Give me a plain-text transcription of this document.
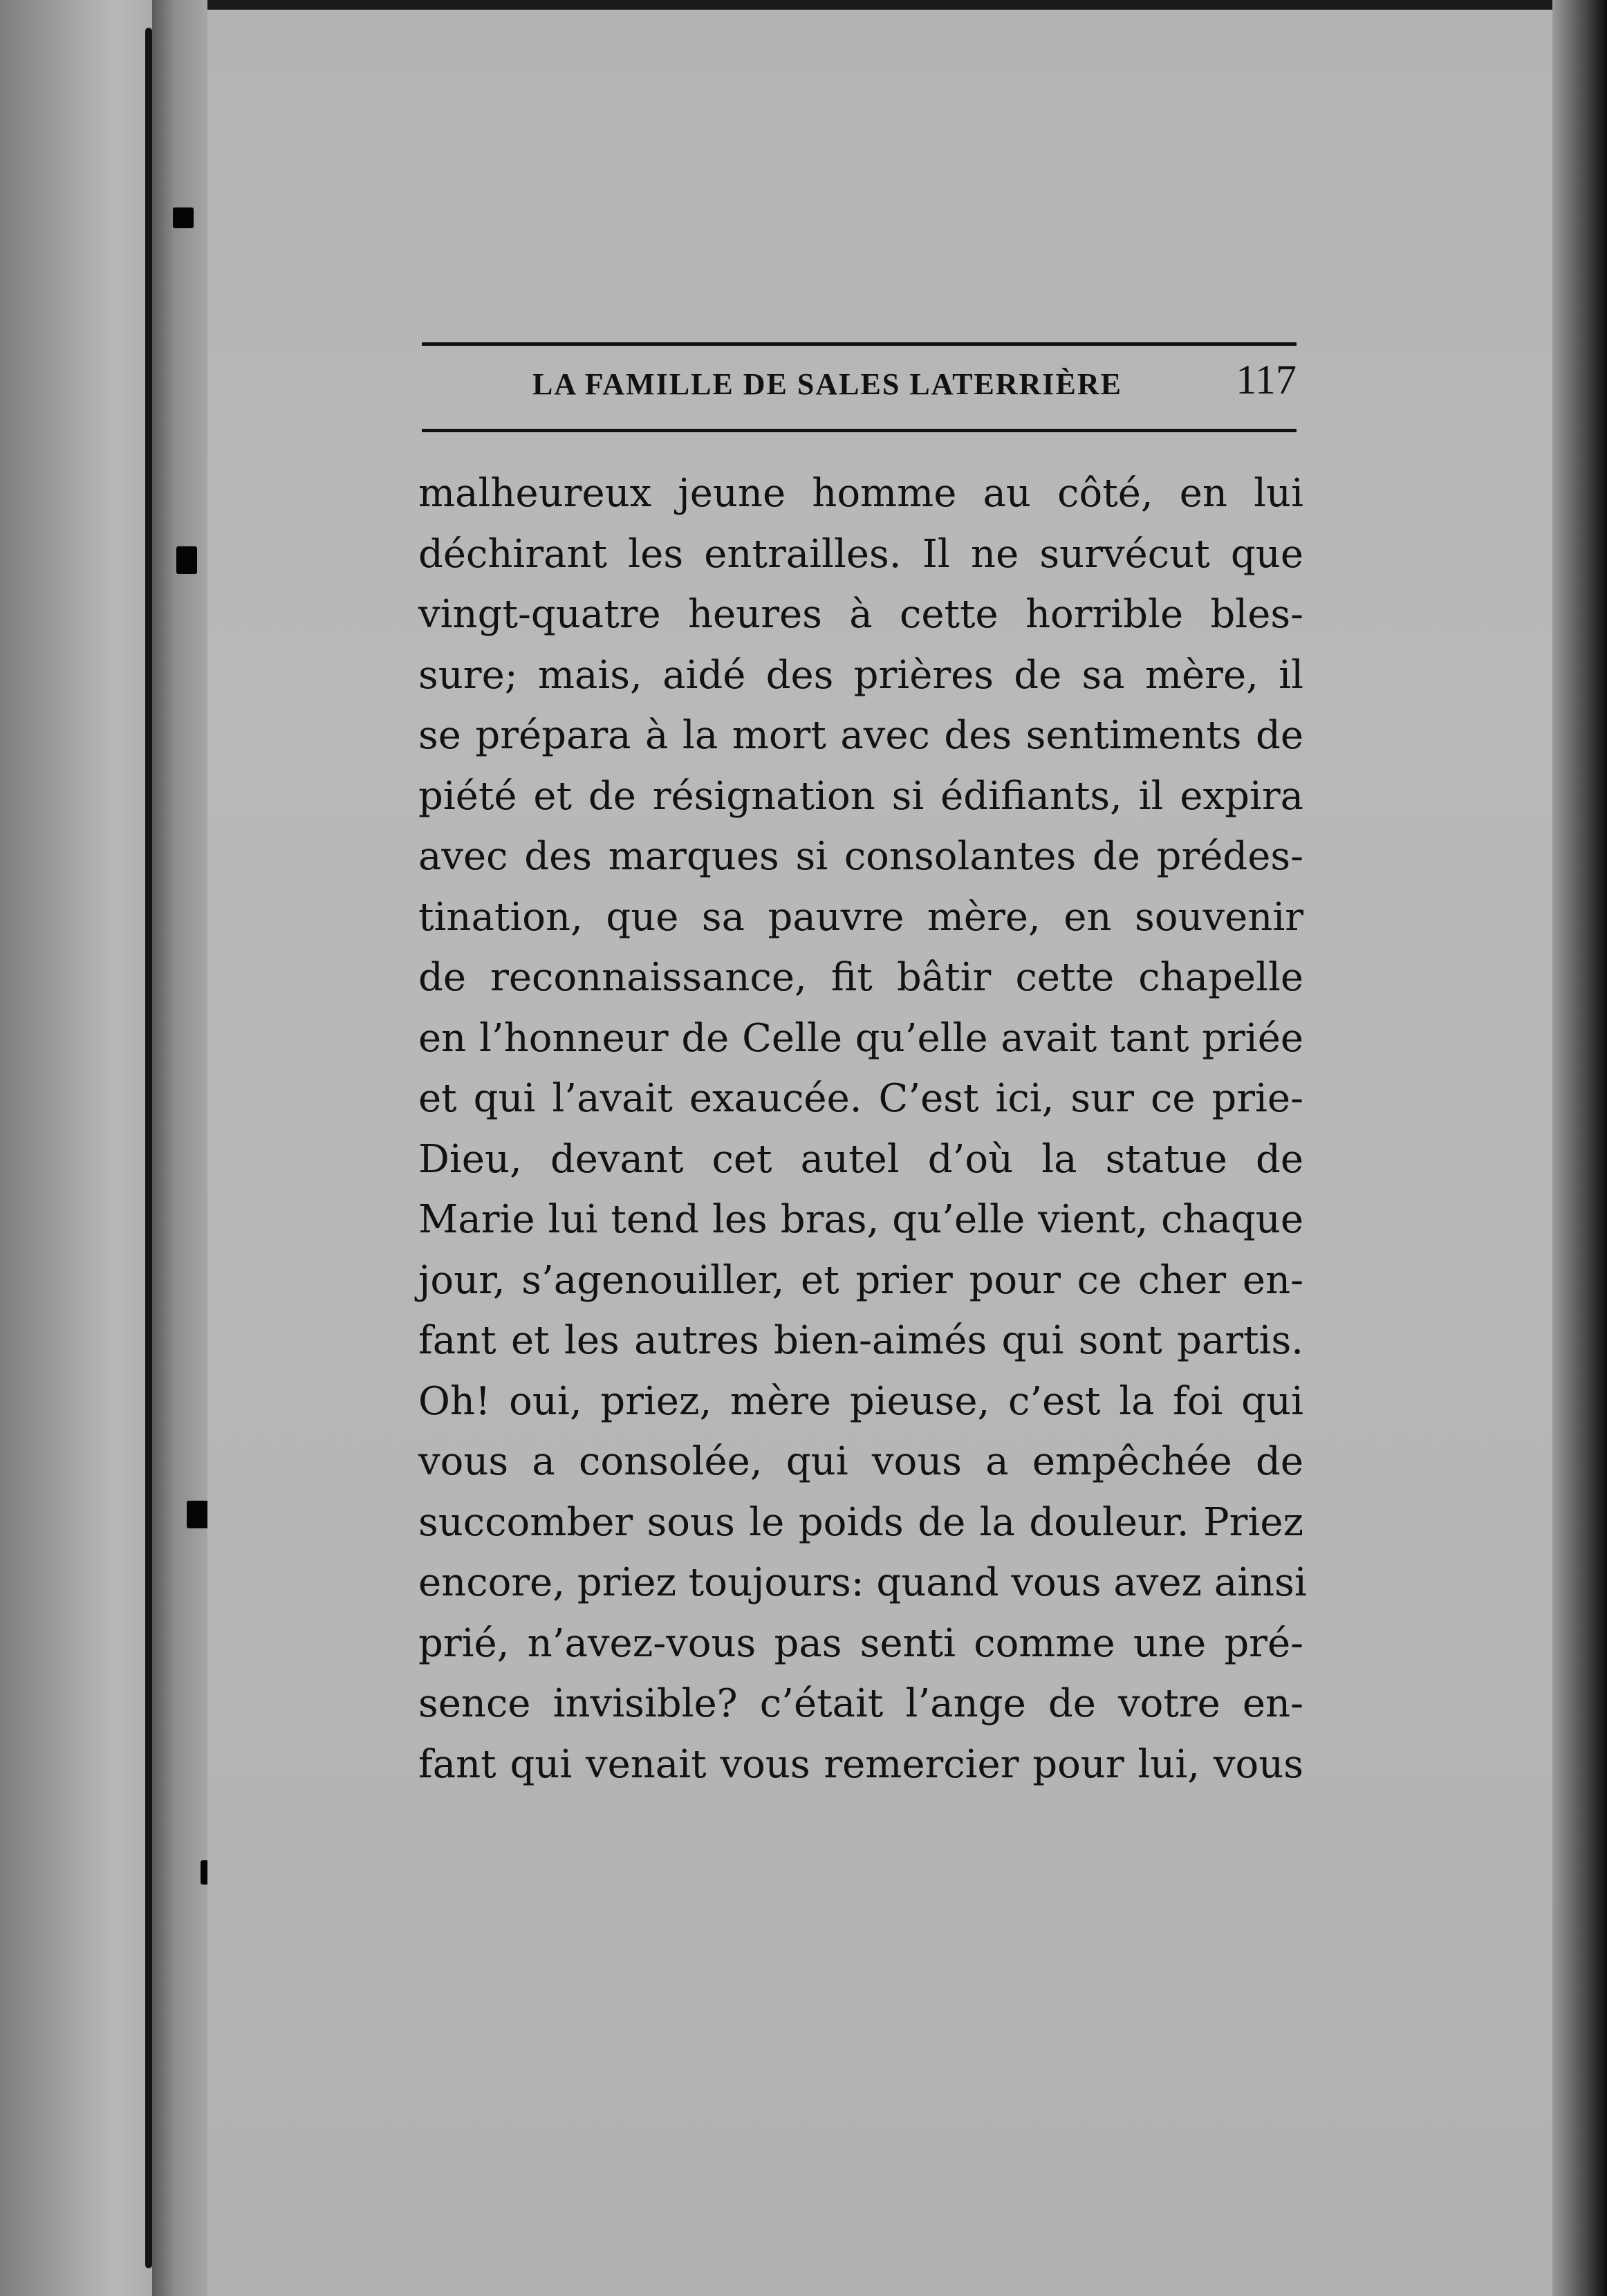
LA FAMILLE DE SALES LATERRIÈRE	117
malheureux jeune homme au côté, en lui
déchirant les entrailles. Il ne survécut que
vingt-quatre heures à cette horrible bles-
sure; mais, aidé des prières de sa mère, il
se prépara à la mort avec des sentiments de
piété et de résignation si édifiants, il expira
avec des marques si consolantes de prédes-
tination, que sa pauvre mère, en souvenir
de reconnaissance, fit bâtir cette chapelle
en l’honneur de Celle qu’elle avait tant priée
et qui l’avait exaucée. C’est ici, sur ce prie-
Dieu, devant cet autel d’où la statue de
Marie lui tend les bras, qu’elle vient, chaque
jour, s’agenouiller, et prier pour ce cher en-
fant et les autres bien-aimés qui sont partis.
Oh! oui, priez, mère pieuse, c’est la foi qui
vous a consolée, qui vous a empêchée de
succomber sous le poids de la douleur. Priez
encore, priez toujours: quand vous avez ainsi
prié, n’avez-vous pas senti comme une pré-
sence invisible? c’était l’ange de votre en-
fant qui venait vous remercier pour lui, vous
